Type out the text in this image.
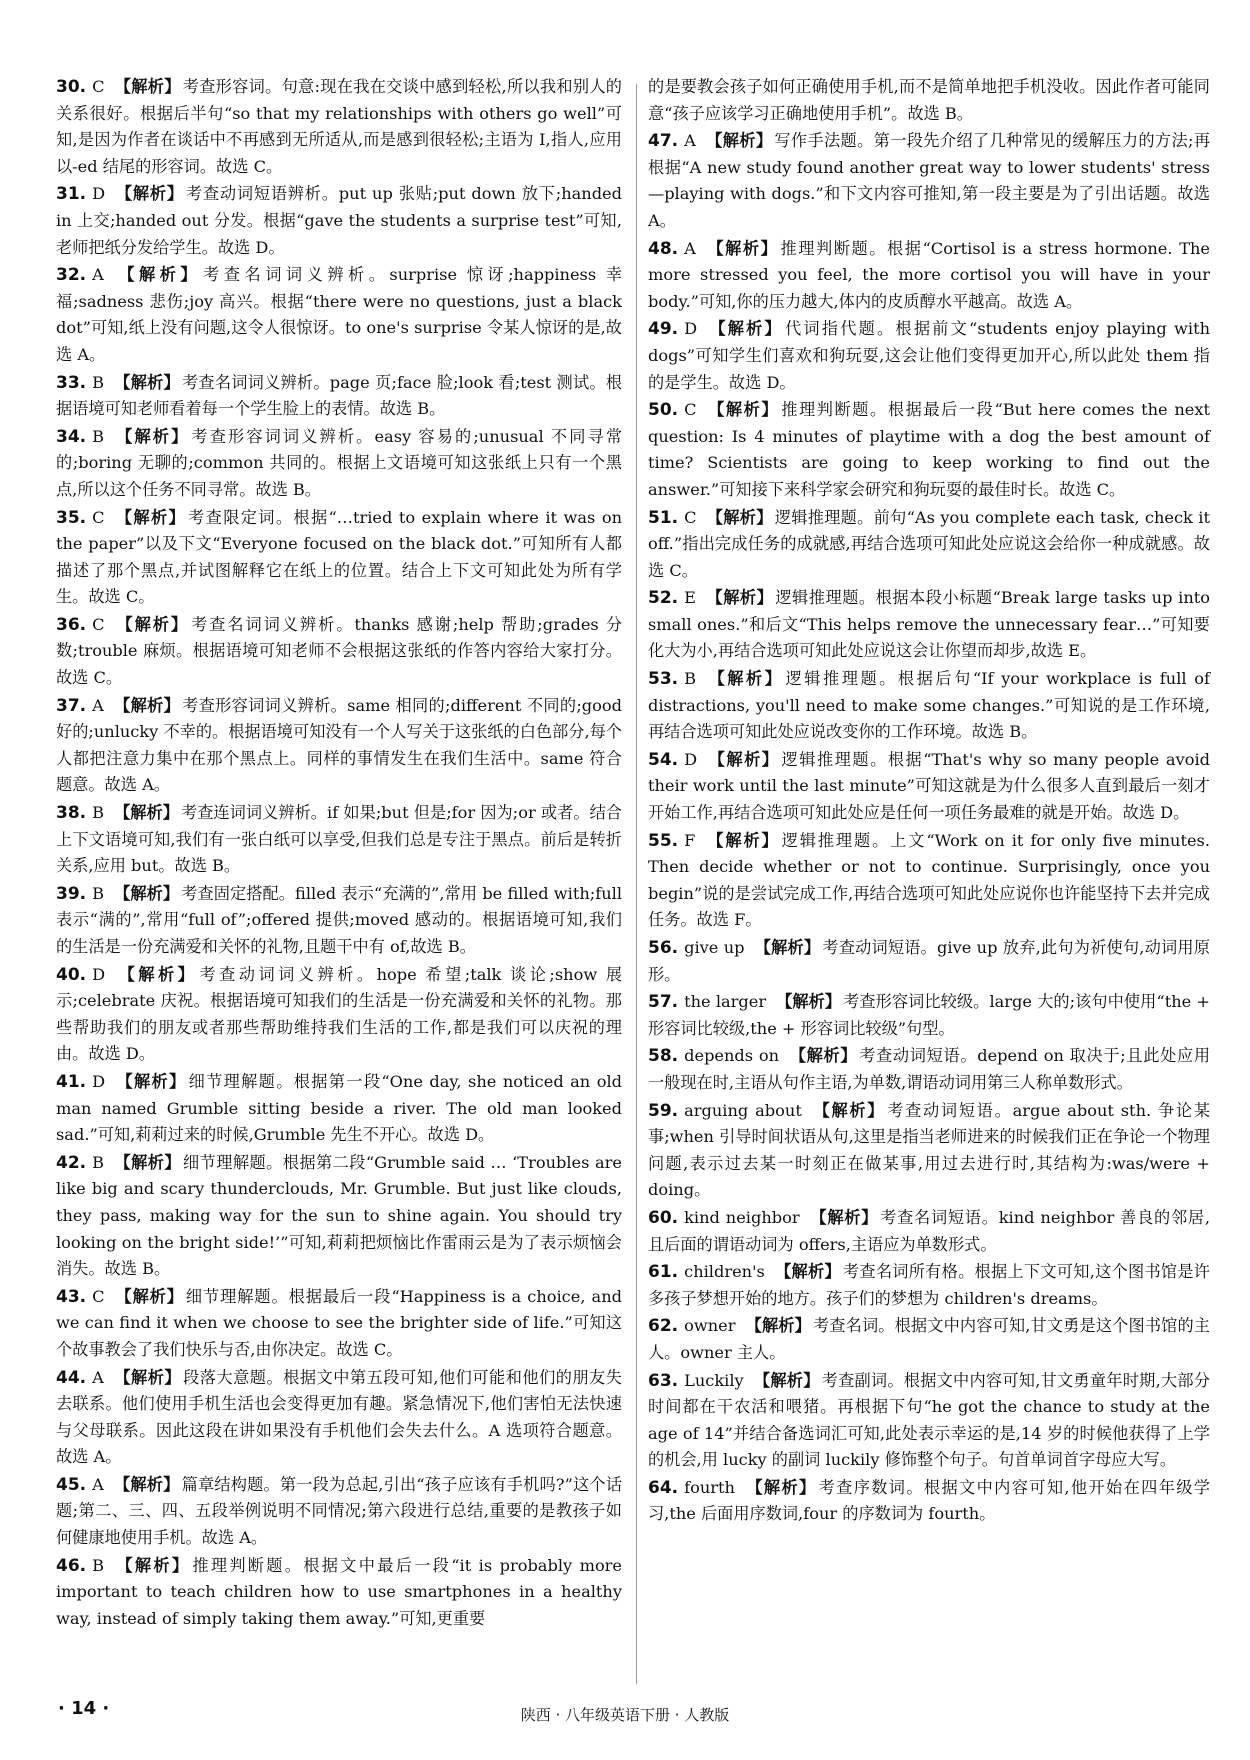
30. C 【解析】 考查形容词。句意:现在我在交谈中感到轻松,所以我和别人的关系很好。根据后半句“so that my relationships with others go well”可知,是因为作者在谈话中不再感到无所适从,而是感到很轻松;主语为 I,指人,应用以-ed 结尾的形容词。故选 C。
31. D 【解析】 考查动词短语辨析。put up 张贴;put down 放下;handed in 上交;handed out 分发。根据“gave the students a surprise test”可知,老师把纸分发给学生。故选 D。
32. A 【解析】 考查名词词义辨析。surprise 惊讶;happiness 幸福;sadness 悲伤;joy 高兴。根据“there were no questions, just a black dot”可知,纸上没有问题,这令人很惊讶。to one's surprise 令某人惊讶的是,故选 A。
33. B 【解析】 考查名词词义辨析。page 页;face 脸;look 看;test 测试。根据语境可知老师看着每一个学生脸上的表情。故选 B。
34. B 【解析】 考查形容词词义辨析。easy 容易的;unusual 不同寻常的;boring 无聊的;common 共同的。根据上文语境可知这张纸上只有一个黑点,所以这个任务不同寻常。故选 B。
35. C 【解析】 考查限定词。根据“…tried to explain where it was on the paper”以及下文“Everyone focused on the black dot.”可知所有人都描述了那个黑点,并试图解释它在纸上的位置。结合上下文可知此处为所有学生。故选 C。
36. C 【解析】 考查名词词义辨析。thanks 感谢;help 帮助;grades 分数;trouble 麻烦。根据语境可知老师不会根据这张纸的作答内容给大家打分。故选 C。
37. A 【解析】 考查形容词词义辨析。same 相同的;different 不同的;good 好的;unlucky 不幸的。根据语境可知没有一个人写关于这张纸的白色部分,每个人都把注意力集中在那个黑点上。同样的事情发生在我们生活中。same 符合题意。故选 A。
38. B 【解析】 考查连词词义辨析。if 如果;but 但是;for 因为;or 或者。结合上下文语境可知,我们有一张白纸可以享受,但我们总是专注于黑点。前后是转折关系,应用 but。故选 B。
39. B 【解析】 考查固定搭配。filled 表示“充满的”,常用 be filled with;full 表示“满的”,常用“full of”;offered 提供;moved 感动的。根据语境可知,我们的生活是一份充满爱和关怀的礼物,且题干中有 of,故选 B。
40. D 【解析】 考查动词词义辨析。hope 希望;talk 谈论;show 展示;celebrate 庆祝。根据语境可知我们的生活是一份充满爱和关怀的礼物。那些帮助我们的朋友或者那些帮助维持我们生活的工作,都是我们可以庆祝的理由。故选 D。
41. D 【解析】 细节理解题。根据第一段“One day, she noticed an old man named Grumble sitting beside a river. The old man looked sad.”可知,莉莉过来的时候,Grumble 先生不开心。故选 D。
42. B 【解析】 细节理解题。根据第二段“Grumble said … ‘Troubles are like big and scary thunderclouds, Mr. Grumble. But just like clouds, they pass, making way for the sun to shine again. You should try looking on the bright side!’”可知,莉莉把烦恼比作雷雨云是为了表示烦恼会消失。故选 B。
43. C 【解析】 细节理解题。根据最后一段“Happiness is a choice, and we can find it when we choose to see the brighter side of life.”可知这个故事教会了我们快乐与否,由你决定。故选 C。
44. A 【解析】 段落大意题。根据文中第五段可知,他们可能和他们的朋友失去联系。他们使用手机生活也会变得更加有趣。紧急情况下,他们害怕无法快速与父母联系。因此这段在讲如果没有手机他们会失去什么。A 选项符合题意。故选 A。
45. A 【解析】 篇章结构题。第一段为总起,引出“孩子应该有手机吗?”这个话题;第二、三、四、五段举例说明不同情况;第六段进行总结,重要的是教孩子如何健康地使用手机。故选 A。
46. B 【解析】 推理判断题。根据文中最后一段“it is probably more important to teach children how to use smartphones in a healthy way, instead of simply taking them away.”可知,更重要
的是要教会孩子如何正确使用手机,而不是简单地把手机没收。因此作者可能同意“孩子应该学习正确地使用手机”。故选 B。
47. A 【解析】 写作手法题。第一段先介绍了几种常见的缓解压力的方法;再根据“A new study found another great way to lower students' stress—playing with dogs.”和下文内容可推知,第一段主要是为了引出话题。故选 A。
48. A 【解析】 推理判断题。根据“Cortisol is a stress hormone. The more stressed you feel, the more cortisol you will have in your body.”可知,你的压力越大,体内的皮质醇水平越高。故选 A。
49. D 【解析】 代词指代题。根据前文“students enjoy playing with dogs”可知学生们喜欢和狗玩耍,这会让他们变得更加开心,所以此处 them 指的是学生。故选 D。
50. C 【解析】 推理判断题。根据最后一段“But here comes the next question: Is 4 minutes of playtime with a dog the best amount of time? Scientists are going to keep working to find out the answer.”可知接下来科学家会研究和狗玩耍的最佳时长。故选 C。
51. C 【解析】 逻辑推理题。前句“As you complete each task, check it off.”指出完成任务的成就感,再结合选项可知此处应说这会给你一种成就感。故选 C。
52. E 【解析】 逻辑推理题。根据本段小标题“Break large tasks up into small ones.”和后文“This helps remove the unnecessary fear…”可知要化大为小,再结合选项可知此处应说这会让你望而却步,故选 E。
53. B 【解析】 逻辑推理题。根据后句“If your workplace is full of distractions, you'll need to make some changes.”可知说的是工作环境,再结合选项可知此处应说改变你的工作环境。故选 B。
54. D 【解析】 逻辑推理题。根据“That's why so many people avoid their work until the last minute”可知这就是为什么很多人直到最后一刻才开始工作,再结合选项可知此处应是任何一项任务最难的就是开始。故选 D。
55. F 【解析】 逻辑推理题。上文“Work on it for only five minutes. Then decide whether or not to continue. Surprisingly, once you begin”说的是尝试完成工作,再结合选项可知此处应说你也许能坚持下去并完成任务。故选 F。
56. give up 【解析】 考查动词短语。give up 放弃,此句为祈使句,动词用原形。
57. the larger 【解析】 考查形容词比较级。large 大的;该句中使用“the + 形容词比较级,the + 形容词比较级”句型。
58. depends on 【解析】 考查动词短语。depend on 取决于;且此处应用一般现在时,主语从句作主语,为单数,谓语动词用第三人称单数形式。
59. arguing about 【解析】 考查动词短语。argue about sth. 争论某事;when 引导时间状语从句,这里是指当老师进来的时候我们正在争论一个物理问题,表示过去某一时刻正在做某事,用过去进行时,其结构为:was/were + doing。
60. kind neighbor 【解析】 考查名词短语。kind neighbor 善良的邻居,且后面的谓语动词为 offers,主语应为单数形式。
61. children's 【解析】 考查名词所有格。根据上下文可知,这个图书馆是许多孩子梦想开始的地方。孩子们的梦想为 children's dreams。
62. owner 【解析】 考查名词。根据文中内容可知,甘文勇是这个图书馆的主人。owner 主人。
63. Luckily 【解析】 考查副词。根据文中内容可知,甘文勇童年时期,大部分时间都在干农活和喂猪。再根据下句“he got the chance to study at the age of 14”并结合备选词汇可知,此处表示幸运的是,14 岁的时候他获得了上学的机会,用 lucky 的副词 luckily 修饰整个句子。句首单词首字母应大写。
64. fourth 【解析】 考查序数词。根据文中内容可知,他开始在四年级学习,the 后面用序数词,four 的序数词为 fourth。
· 14 ·	陕西 · 八年级英语下册 · 人教版
